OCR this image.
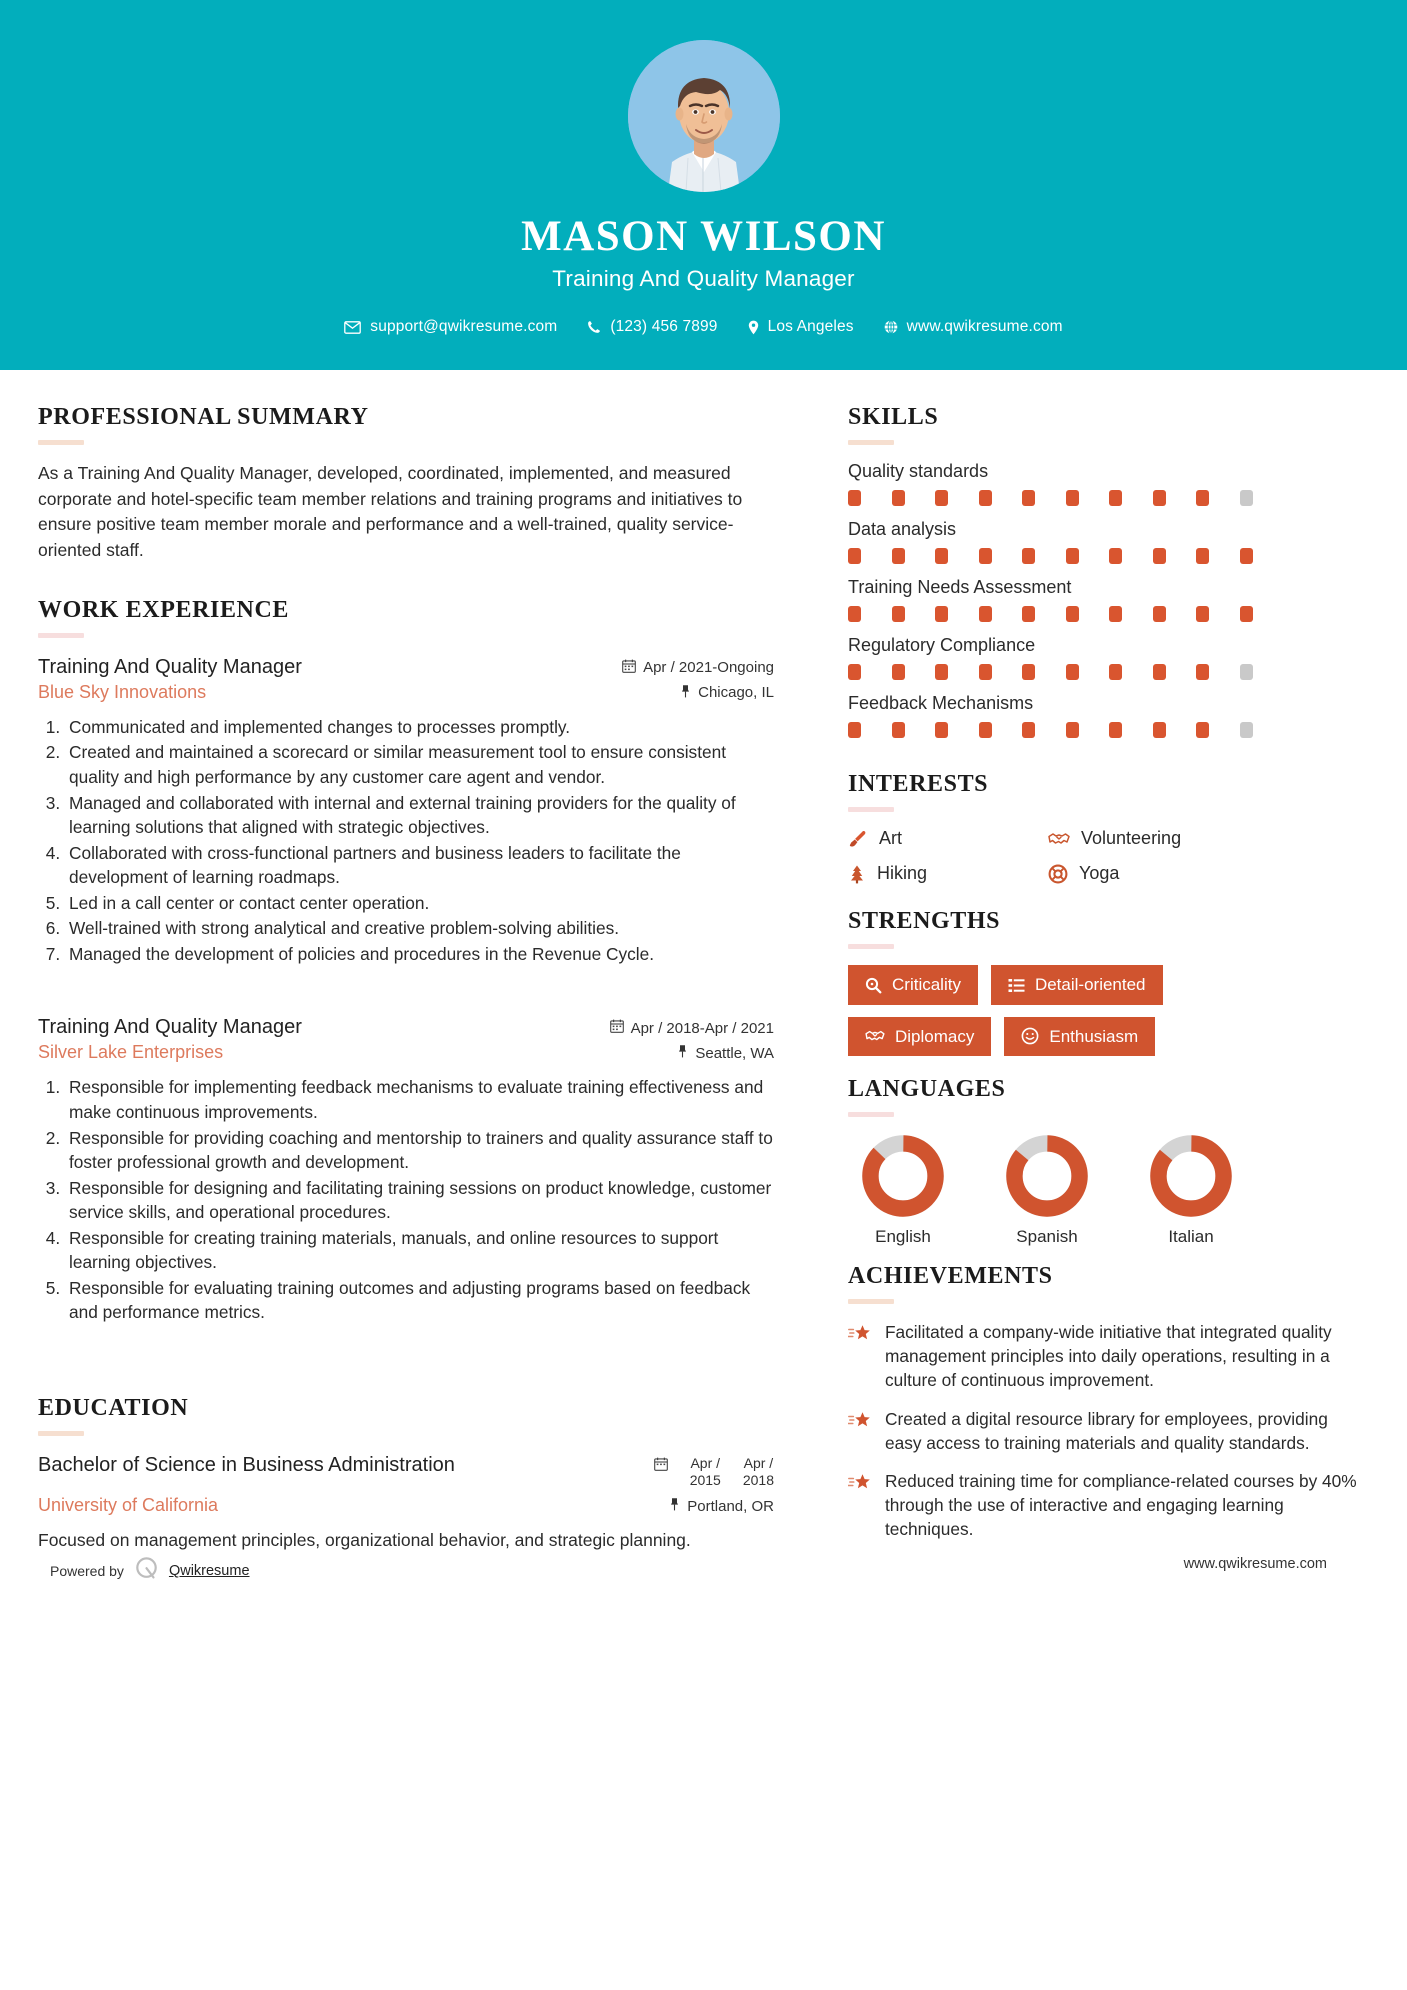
MASON WILSON
Training And Quality Manager
support@qwikresume.com	(123) 456 7899	Los Angeles	www.qwikresume.com
PROFESSIONAL SUMMARY
As a Training And Quality Manager, developed, coordinated, implemented, and measured corporate and hotel-specific team member relations and training programs and initiatives to ensure positive team member morale and performance and a well-trained, quality service-oriented staff.
WORK EXPERIENCE
Training And Quality Manager	Apr / 2021-Ongoing
Blue Sky Innovations	Chicago, IL
1. Communicated and implemented changes to processes promptly.
2. Created and maintained a scorecard or similar measurement tool to ensure consistent quality and high performance by any customer care agent and vendor.
3. Managed and collaborated with internal and external training providers for the quality of learning solutions that aligned with strategic objectives.
4. Collaborated with cross-functional partners and business leaders to facilitate the development of learning roadmaps.
5. Led in a call center or contact center operation.
6. Well-trained with strong analytical and creative problem-solving abilities.
7. Managed the development of policies and procedures in the Revenue Cycle.
Training And Quality Manager	Apr / 2018-Apr / 2021
Silver Lake Enterprises	Seattle, WA
1. Responsible for implementing feedback mechanisms to evaluate training effectiveness and make continuous improvements.
2. Responsible for providing coaching and mentorship to trainers and quality assurance staff to foster professional growth and development.
3. Responsible for designing and facilitating training sessions on product knowledge, customer service skills, and operational procedures.
4. Responsible for creating training materials, manuals, and online resources to support learning objectives.
5. Responsible for evaluating training outcomes and adjusting programs based on feedback and performance metrics.
EDUCATION
Bachelor of Science in Business Administration	Apr /
2015
Apr /
2018
University of California	Portland, OR
Focused on management principles, organizational behavior, and strategic planning.
Powered by	Qwikresume
SKILLS
Quality standards
Data analysis
Training Needs Assessment
Regulatory Compliance
Feedback Mechanisms
INTERESTS
Art	Volunteering
Hiking	Yoga
STRENGTHS
Criticality	Detail-oriented
Diplomacy	Enthusiasm
LANGUAGES
English	Spanish	Italian
ACHIEVEMENTS
Facilitated a company-wide initiative that integrated quality management principles into daily operations, resulting in a culture of continuous improvement.
Created a digital resource library for employees, providing easy access to training materials and quality standards.
Reduced training time for compliance-related courses by 40% through the use of interactive and engaging learning techniques.
www.qwikresume.com
